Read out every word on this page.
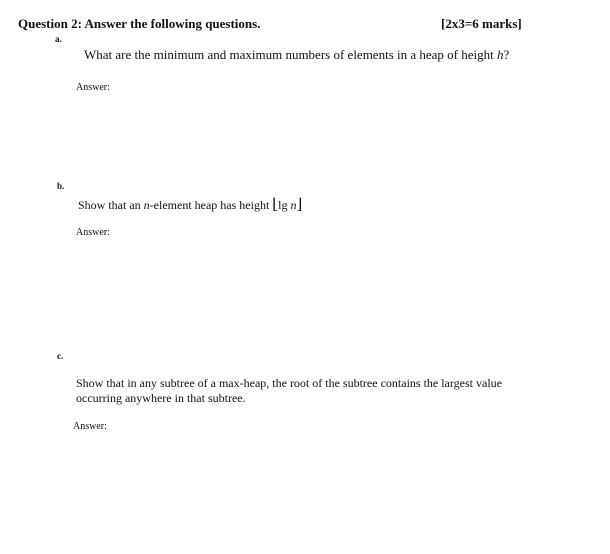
Question 2: Answer the following questions.	[2x3=6 marks]
a.
What are the minimum and maximum numbers of elements in a heap of height h?
Answer:
b.
Show that an n-element heap has height ⌊lg n⌋
Answer:
c.
Show that in any subtree of a max-heap, the root of the subtree contains the largest value
occurring anywhere in that subtree.
Answer:
